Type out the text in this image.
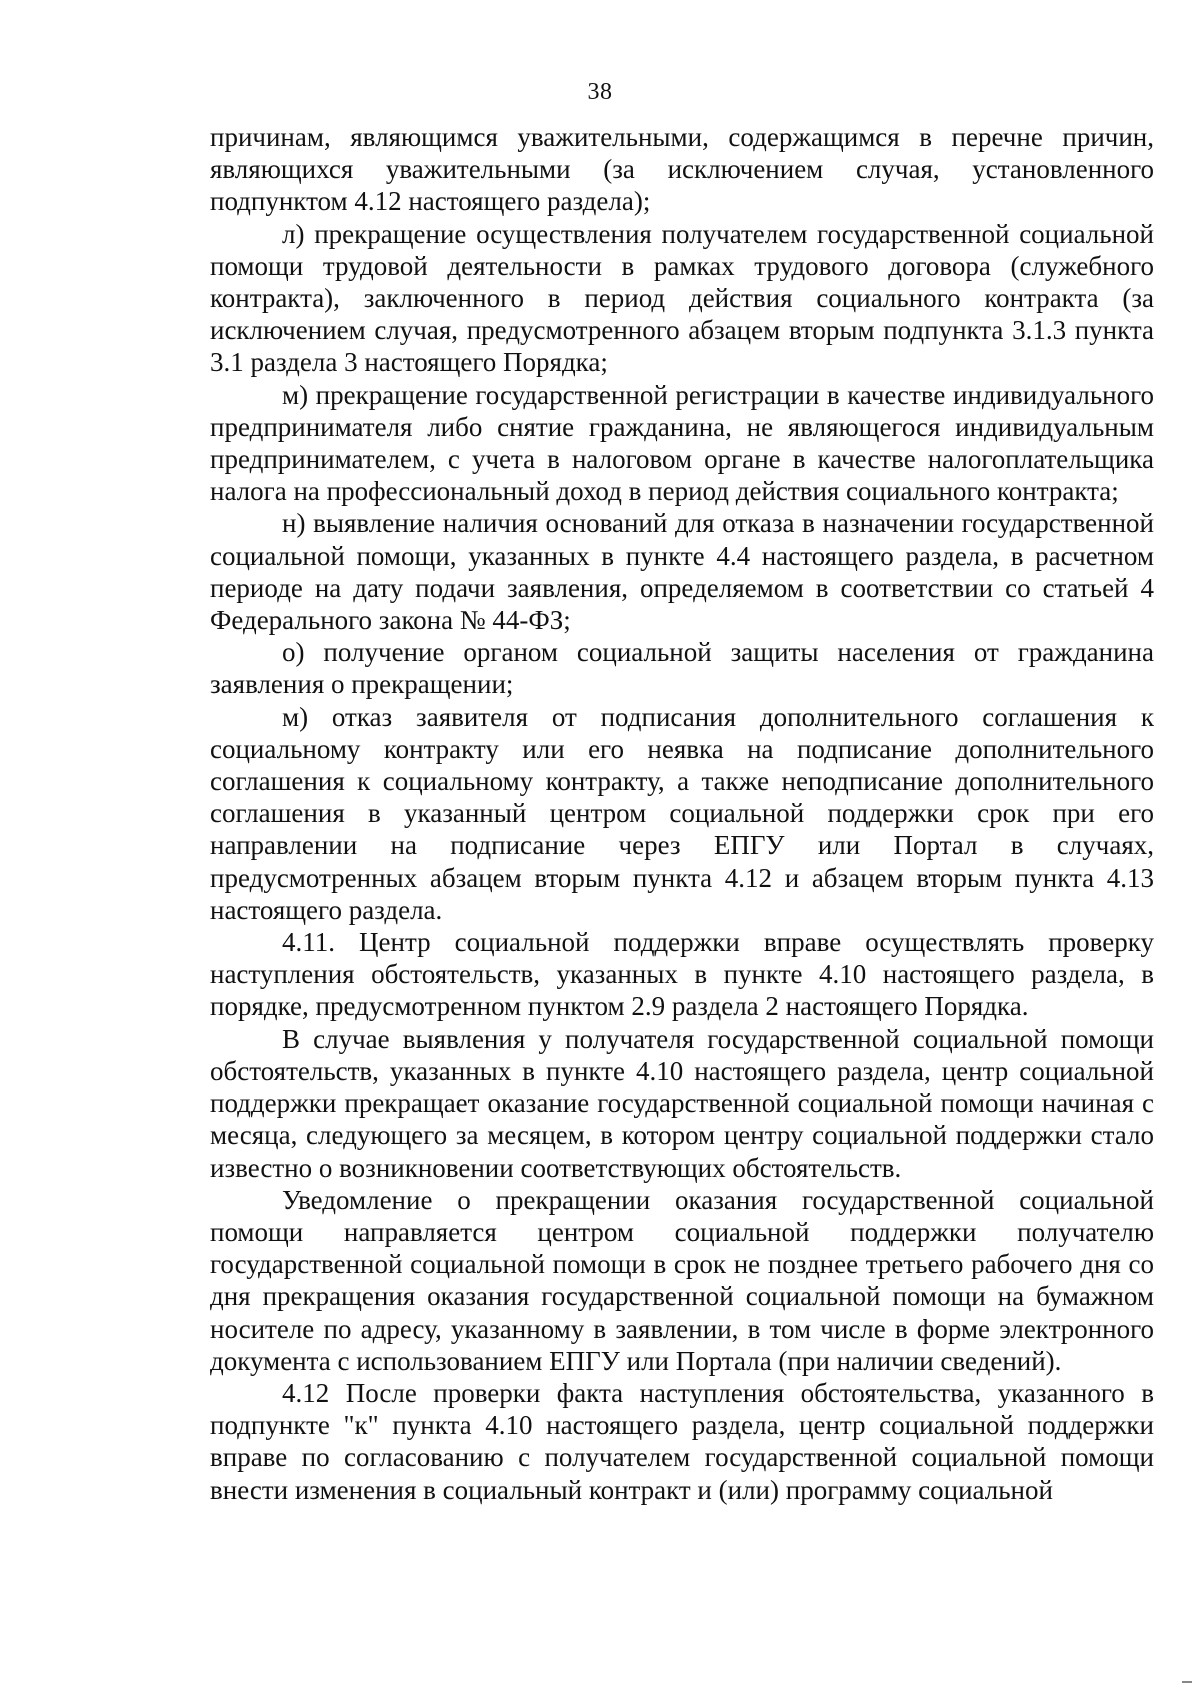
38

причинам, являющимся уважительными, содержащимся в перечне причин, являющихся уважительными (за исключением случая, установленного подпунктом 4.12 настоящего раздела);

л) прекращение осуществления получателем государственной социальной помощи трудовой деятельности в рамках трудового договора (служебного контракта), заключенного в период действия социального контракта (за исключением случая, предусмотренного абзацем вторым подпункта 3.1.3 пункта 3.1 раздела 3 настоящего Порядка;

м) прекращение государственной регистрации в качестве индивидуального предпринимателя либо снятие гражданина, не являющегося индивидуальным предпринимателем, с учета в налоговом органе в качестве налогоплательщика налога на профессиональный доход в период действия социального контракта;

н) выявление наличия оснований для отказа в назначении государственной социальной помощи, указанных в пункте 4.4 настоящего раздела, в расчетном периоде на дату подачи заявления, определяемом в соответствии со статьей 4 Федерального закона № 44-ФЗ;

о) получение органом социальной защиты населения от гражданина заявления о прекращении;

м) отказ заявителя от подписания дополнительного соглашения к социальному контракту или его неявка на подписание дополнительного соглашения к социальному контракту, а также неподписание дополнительного соглашения в указанный центром социальной поддержки срок при его направлении на подписание через ЕПГУ или Портал в случаях, предусмотренных абзацем вторым пункта 4.12 и абзацем вторым пункта 4.13 настоящего раздела.

4.11. Центр социальной поддержки вправе осуществлять проверку наступления обстоятельств, указанных в пункте 4.10 настоящего раздела, в порядке, предусмотренном пунктом 2.9 раздела 2 настоящего Порядка.

В случае выявления у получателя государственной социальной помощи обстоятельств, указанных в пункте 4.10 настоящего раздела, центр социальной поддержки прекращает оказание государственной социальной помощи начиная с месяца, следующего за месяцем, в котором центру социальной поддержки стало известно о возникновении соответствующих обстоятельств.

Уведомление о прекращении оказания государственной социальной помощи направляется центром социальной поддержки получателю государственной социальной помощи в срок не позднее третьего рабочего дня со дня прекращения оказания государственной социальной помощи на бумажном носителе по адресу, указанному в заявлении, в том числе в форме электронного документа с использованием ЕПГУ или Портала (при наличии сведений).

4.12 После проверки факта наступления обстоятельства, указанного в подпункте "к" пункта 4.10 настоящего раздела, центр социальной поддержки вправе по согласованию с получателем государственной социальной помощи внести изменения в социальный контракт и (или) программу социальной
